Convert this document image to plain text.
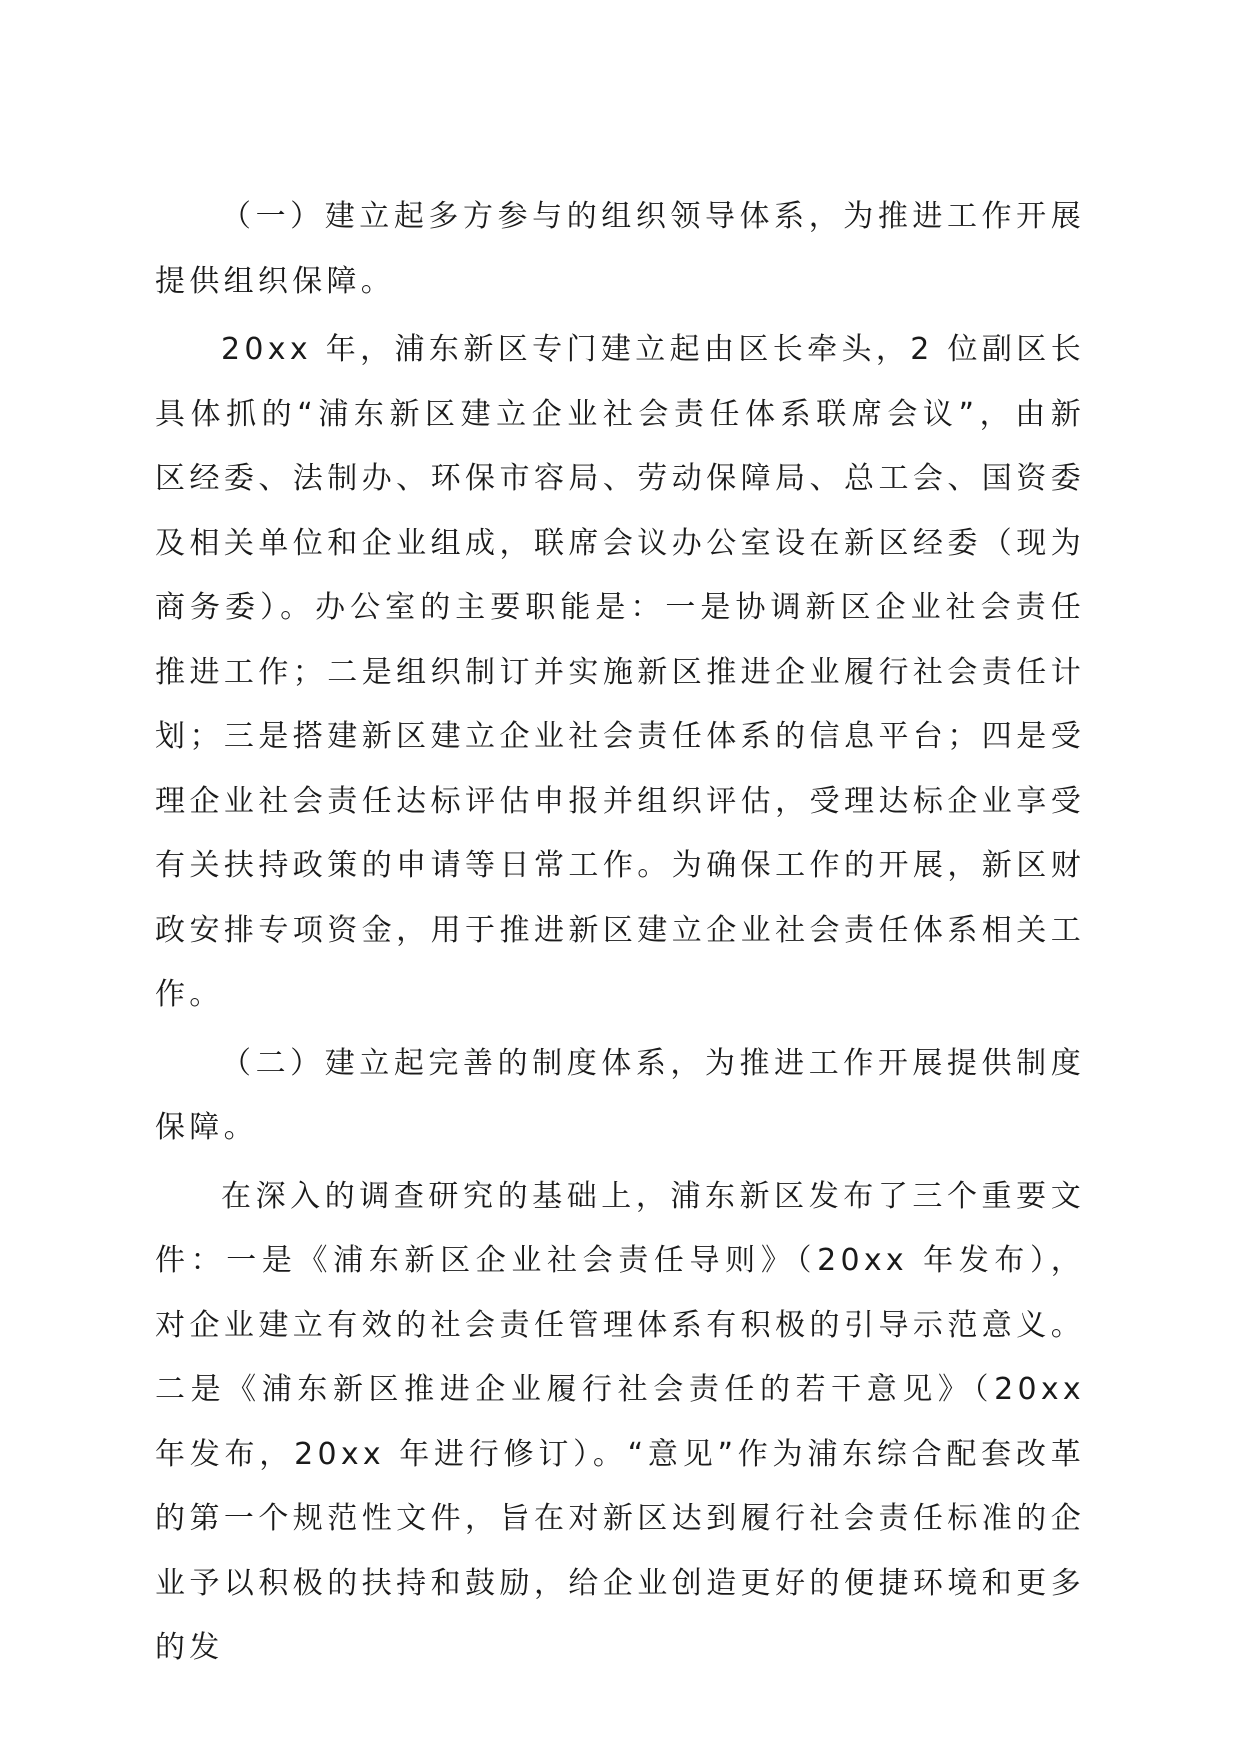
（一）建立起多方参与的组织领导体系，为推进工作开展提供组织保障。

20xx 年，浦东新区专门建立起由区长牵头，2 位副区长具体抓的“浦东新区建立企业社会责任体系联席会议”，由新区经委、法制办、环保市容局、劳动保障局、总工会、国资委及相关单位和企业组成，联席会议办公室设在新区经委（现为商务委）。办公室的主要职能是：一是协调新区企业社会责任推进工作；二是组织制订并实施新区推进企业履行社会责任计划；三是搭建新区建立企业社会责任体系的信息平台；四是受理企业社会责任达标评估申报并组织评估，受理达标企业享受有关扶持政策的申请等日常工作。为确保工作的开展，新区财政安排专项资金，用于推进新区建立企业社会责任体系相关工作。

（二）建立起完善的制度体系，为推进工作开展提供制度保障。

在深入的调查研究的基础上，浦东新区发布了三个重要文件：一是《浦东新区企业社会责任导则》（20xx 年发布），对企业建立有效的社会责任管理体系有积极的引导示范意义。二是《浦东新区推进企业履行社会责任的若干意见》（20xx 年发布，20xx 年进行修订）。“意见”作为浦东综合配套改革的第一个规范性文件，旨在对新区达到履行社会责任标准的企业予以积极的扶持和鼓励，给企业创造更好的便捷环境和更多的发
